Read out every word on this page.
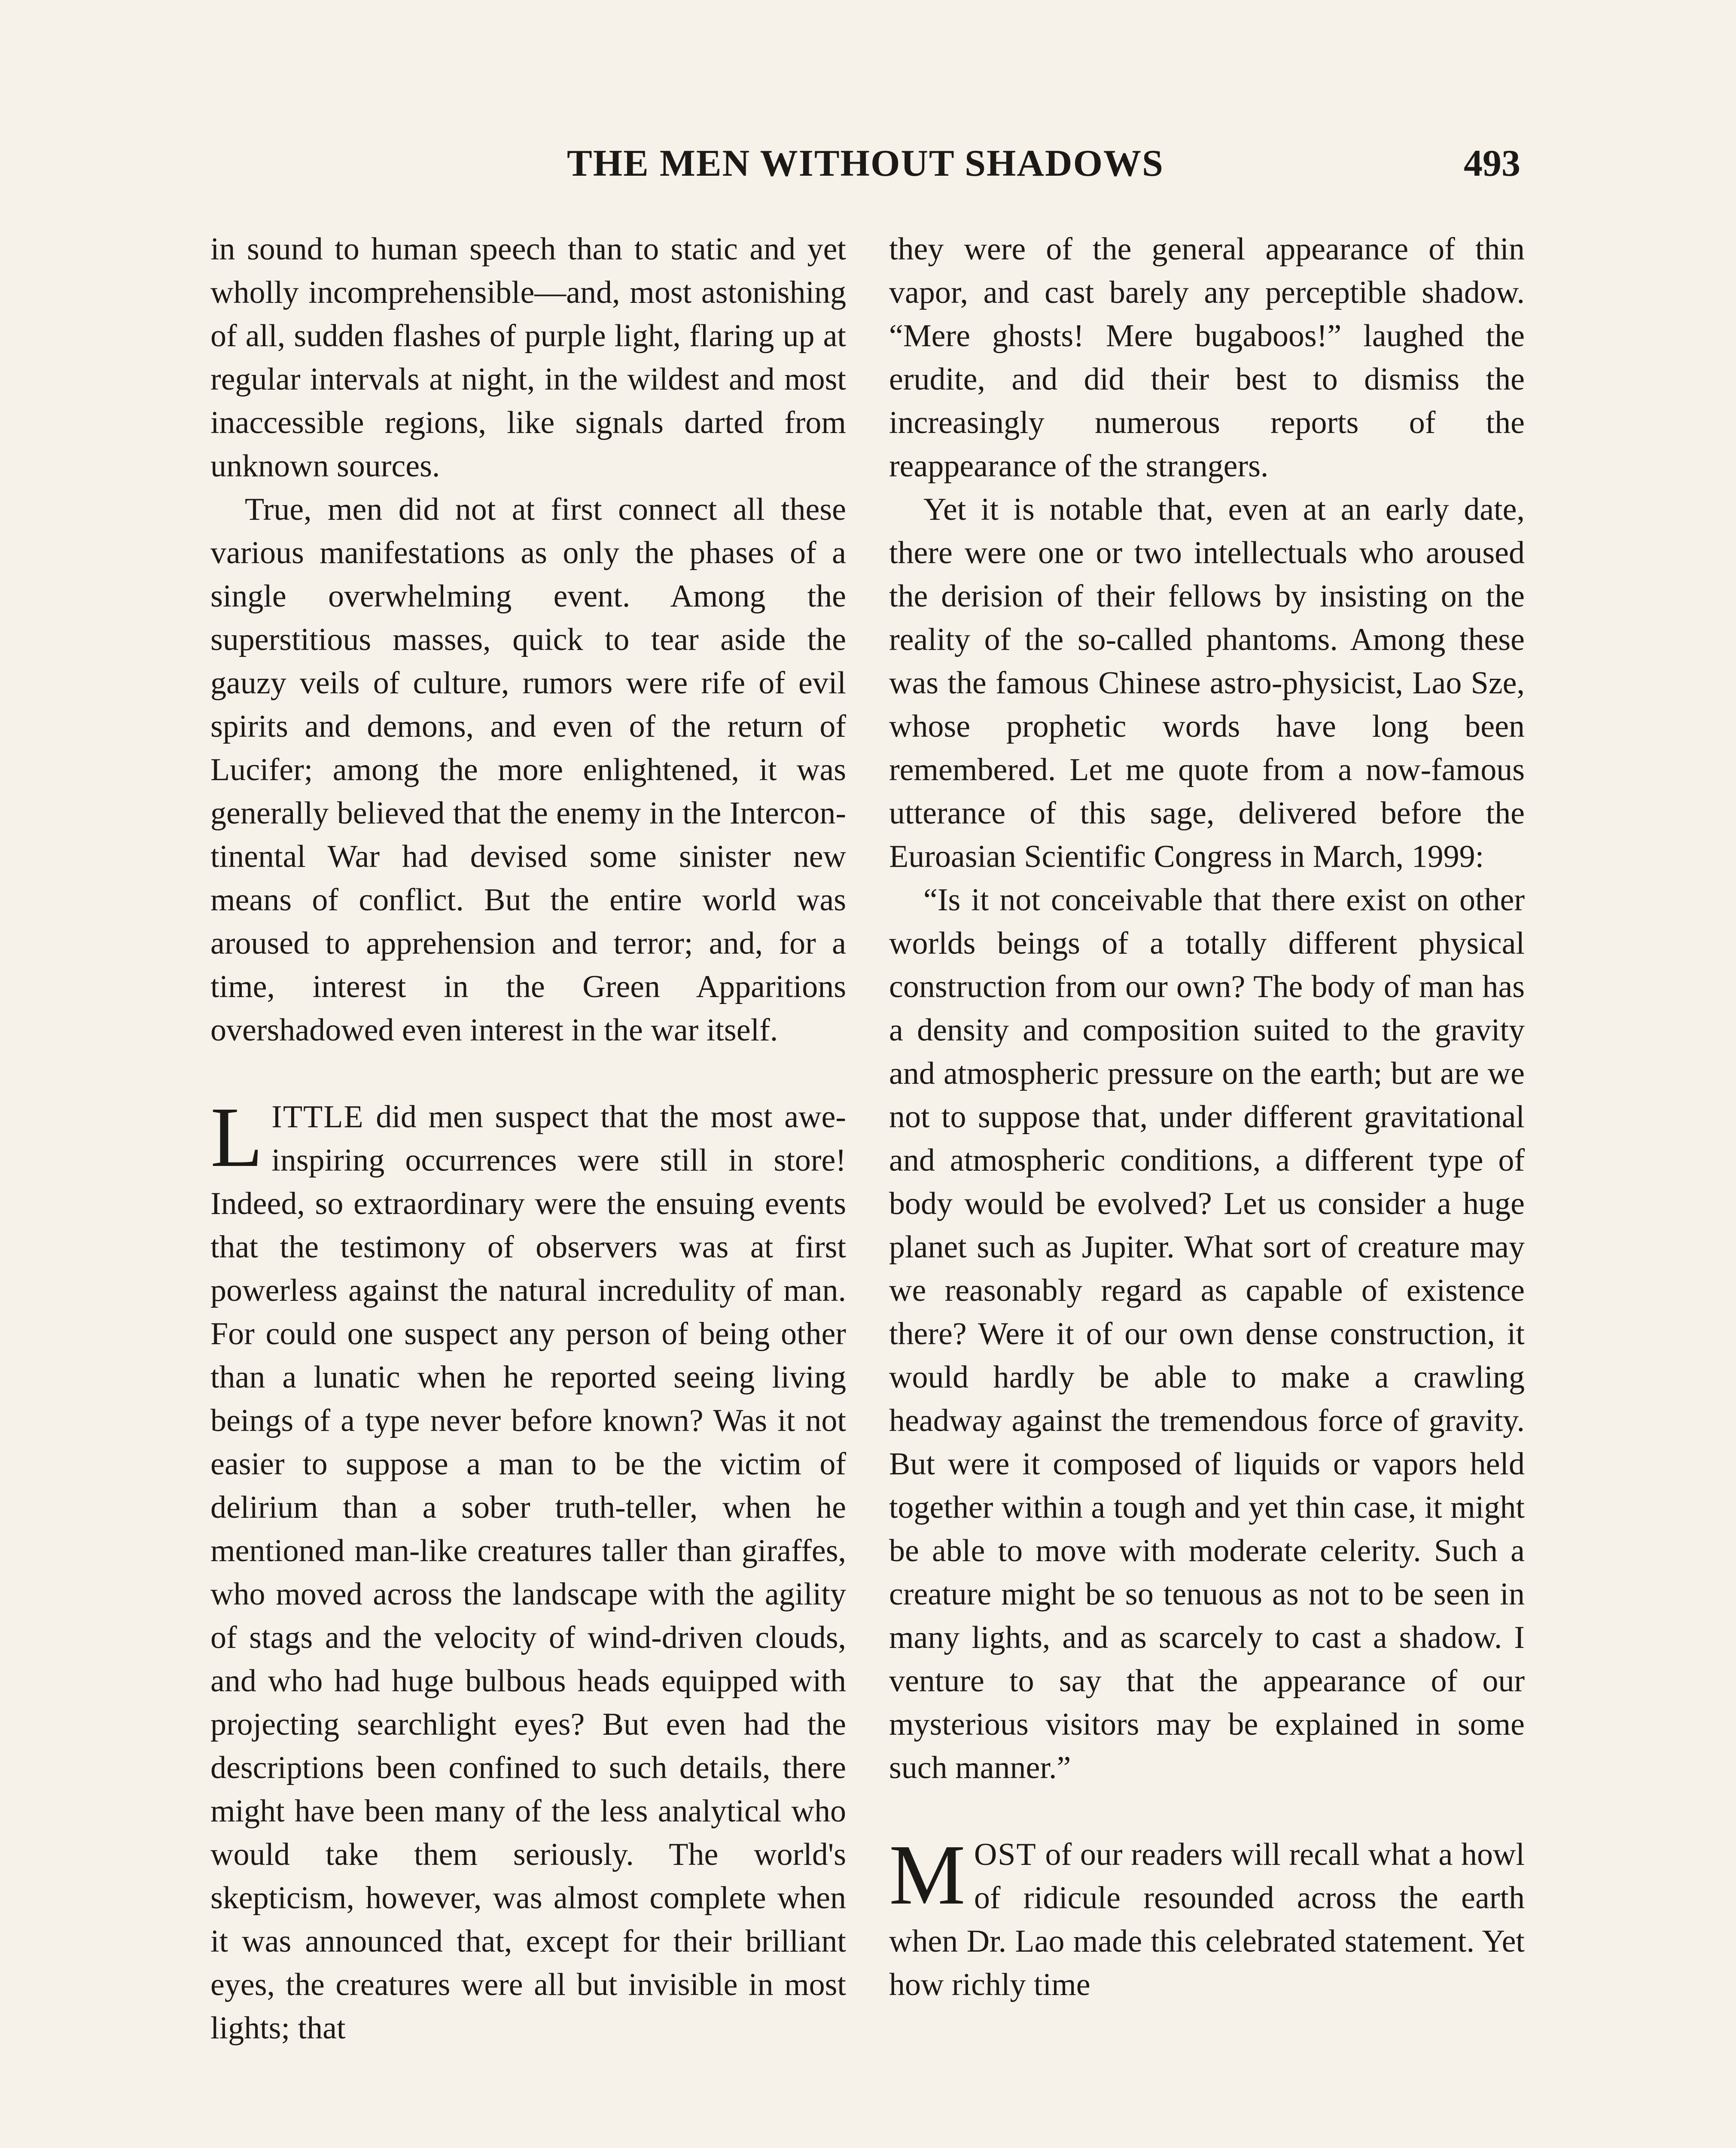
THE MEN WITHOUT SHADOWS	493

in sound to human speech than to static and yet wholly incomprehensible—and, most astonishing of all, sudden flashes of purple light, flaring up at regular intervals at night, in the wildest and most inaccessible regions, like signals darted from unknown sources.

True, men did not at first connect all these various manifestations as only the phases of a single overwhelming event. Among the superstitious masses, quick to tear aside the gauzy veils of culture, rumors were rife of evil spirits and demons, and even of the return of Lucifer; among the more enlightened, it was generally believed that the enemy in the Intercontinental War had devised some sinister new means of conflict. But the entire world was aroused to apprehension and terror; and, for a time, interest in the Green Apparitions overshadowed even interest in the war itself.

LITTLE did men suspect that the most awe-inspiring occurrences were still in store! Indeed, so extraordinary were the ensuing events that the testimony of observers was at first powerless against the natural incredulity of man. For could one suspect any person of being other than a lunatic when he reported seeing living beings of a type never before known? Was it not easier to suppose a man to be the victim of delirium than a sober truth-teller, when he mentioned man-like creatures taller than giraffes, who moved across the landscape with the agility of stags and the velocity of wind-driven clouds, and who had huge bulbous heads equipped with projecting searchlight eyes? But even had the descriptions been confined to such details, there might have been many of the less analytical who would take them seriously. The world's skepticism, however, was almost complete when it was announced that, except for their brilliant eyes, the creatures were all but invisible in most lights; that

they were of the general appearance of thin vapor, and cast barely any perceptible shadow. “Mere ghosts! Mere bugaboos!” laughed the erudite, and did their best to dismiss the increasingly numerous reports of the reappearance of the strangers.

Yet it is notable that, even at an early date, there were one or two intellectuals who aroused the derision of their fellows by insisting on the reality of the so-called phantoms. Among these was the famous Chinese astro-physicist, Lao Sze, whose prophetic words have long been remembered. Let me quote from a now-famous utterance of this sage, delivered before the Euroasian Scientific Congress in March, 1999:

“Is it not conceivable that there exist on other worlds beings of a totally different physical construction from our own? The body of man has a density and composition suited to the gravity and atmospheric pressure on the earth; but are we not to suppose that, under different gravitational and atmospheric conditions, a different type of body would be evolved? Let us consider a huge planet such as Jupiter. What sort of creature may we reasonably regard as capable of existence there? Were it of our own dense construction, it would hardly be able to make a crawling headway against the tremendous force of gravity. But were it composed of liquids or vapors held together within a tough and yet thin case, it might be able to move with moderate celerity. Such a creature might be so tenuous as not to be seen in many lights, and as scarcely to cast a shadow. I venture to say that the appearance of our mysterious visitors may be explained in some such manner.”

MOST of our readers will recall what a howl of ridicule resounded across the earth when Dr. Lao made this celebrated statement. Yet how richly time
